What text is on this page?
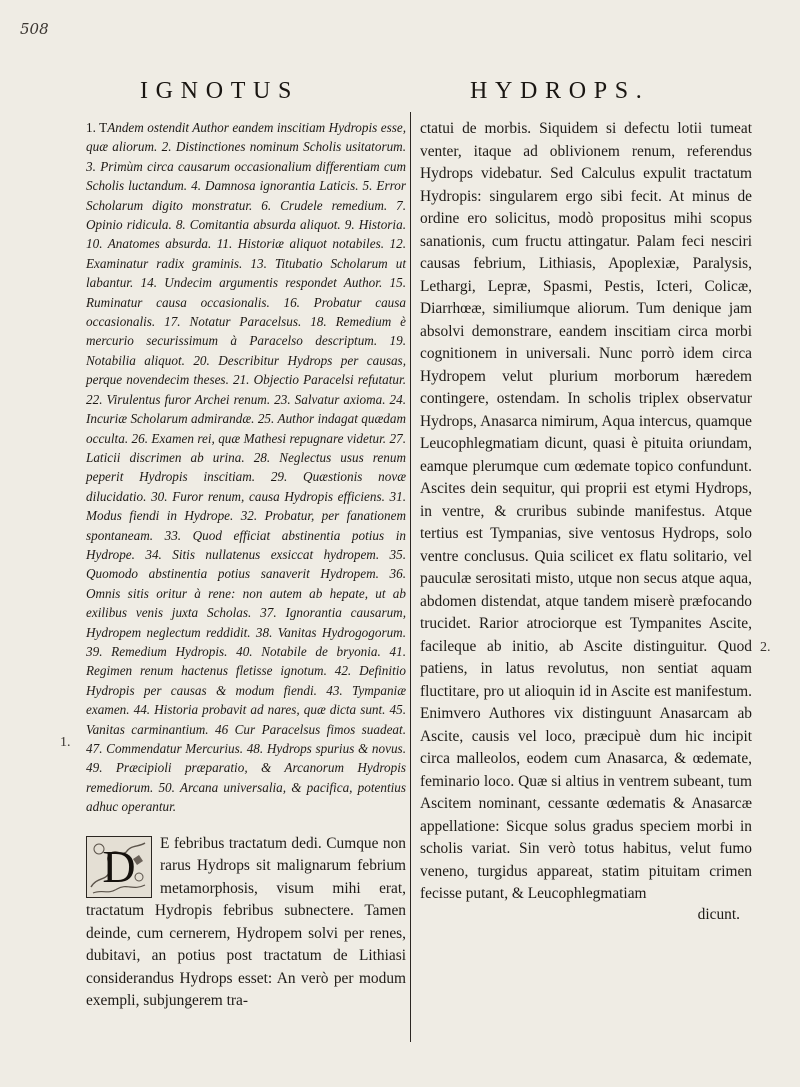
508
IGNOTUS	HYDROPS.
1.
2.

1. TAndem ostendit Author eandem inscitiam Hydropis esse, quæ aliorum. 2. Distinctiones nominum Scholis usitatorum. 3. Primùm circa causarum occasionalium differentiam cum Scholis luctandum. 4. Damnosa ignorantia Laticis. 5. Error Scholarum digito monstratur. 6. Crudele remedium. 7. Opinio ridicula. 8. Comitantia absurda aliquot. 9. Historia. 10. Anatomes absurda. 11. Historiæ aliquot notabiles. 12. Examinatur radix graminis. 13. Titubatio Scholarum ut labantur. 14. Undecim argumentis respondet Author. 15. Ruminatur causa occasionalis. 16. Probatur causa occasionalis. 17. Notatur Paracelsus. 18. Remedium è mercurio securissimum à Paracelso descriptum. 19. Notabilia aliquot. 20. Describitur Hydrops per causas, perque novendecim theses. 21. Objectio Paracelsi refutatur. 22. Virulentus furor Archei renum. 23. Salvatur axioma. 24. Incuriæ Scholarum admirandæ. 25. Author indagat quædam occulta. 26. Examen rei, quæ Mathesi repugnare videtur. 27. Laticii discrimen ab urina. 28. Neglectus usus renum peperit Hydropis inscitiam. 29. Quæstionis novæ dilucidatio. 30. Furor renum, causa Hydropis efficiens. 31. Modus fiendi in Hydrope. 32. Probatur, per fanationem spontaneam. 33. Quod efficiat abstinentia potius in Hydrope. 34. Sitis nullatenus exsiccat hydropem. 35. Quomodo abstinentia potius sanaverit Hydropem. 36. Omnis sitis oritur à rene: non autem ab hepate, ut ab exilibus venis juxta Scholas. 37. Ignorantia causarum, Hydropem neglectum reddidit. 38. Vanitas Hydrogogorum. 39. Remedium Hydropis. 40. Notabile de bryonia. 41. Regimen renum hactenus fletisse ignotum. 42. Definitio Hydropis per causas & modum fiendi. 43. Tympaniæ examen. 44. Historia probavit ad nares, quæ dicta sunt. 45. Vanitas carminantium. 46 Cur Paracelsus fimos suadeat. 47. Commendatur Mercurius. 48. Hydrops spurius & novus. 49. Præcipioli præparatio, & Arcanorum Hydropis remediorum. 50. Arcana universalia, & pacifica, potentius adhuc operantur.

D	E febribus tractatum dedi. Cumque non rarus Hydrops sit malignarum febrium metamorphosis, visum mihi erat, tractatum Hydropis febribus subnectere. Tamen deinde, cum cernerem, Hydropem solvi per renes, dubitavi, an potius post tractatum de Lithiasi considerandus Hydrops esset: An verò per modum exempli, subjungerem tra-

ctatui de morbis. Siquidem si defectu lotii tumeat venter, itaque ad oblivionem renum, referendus Hydrops videbatur. Sed Calculus expulit tractatum Hydropis: singularem ergo sibi fecit. At minus de ordine ero solicitus, modò propositus mihi scopus sanationis, cum fructu attingatur. Palam feci nesciri causas febrium, Lithiasis, Apoplexiæ, Paralysis, Lethargi, Lepræ, Spasmi, Pestis, Icteri, Colicæ, Diarrhœæ, similiumque aliorum. Tum denique jam absolvi demonstrare, eandem inscitiam circa morbi cognitionem in universali. Nunc porrò idem circa Hydropem velut plurium morborum hæredem contingere, ostendam. In scholis triplex observatur Hydrops, Anasarca nimirum, Aqua intercus, quamque Leucophlegmatiam dicunt, quasi è pituita oriundam, eamque plerumque cum œdemate topico confundunt. Ascites dein sequitur, qui proprii est etymi Hydrops, in ventre, & cruribus subinde manifestus. Atque tertius est Tympanias, sive ventosus Hydrops, solo ventre conclusus. Quia scilicet ex flatu solitario, vel pauculæ serositati misto, utque non secus atque aqua, abdomen distendat, atque tandem miserè præfocando trucidet. Rarior atrociorque est Tympanites Ascite, facileque ab initio, ab Ascite distinguitur. Quod patiens, in latus revolutus, non sentiat aquam fluctitare, pro ut alioquin id in Ascite est manifestum. Enimvero Authores vix distinguunt Anasarcam ab Ascite, causis vel loco, præcipuè dum hic incipit circa malleolos, eodem cum Anasarca, & œdemate, feminario loco. Quæ si altius in ventrem subeant, tum Ascitem nominant, cessante œdematis & Anasarcæ appellatione: Sicque solus gradus speciem morbi in scholis variat. Sin verò totus habitus, velut fumo veneno, turgidus appareat, statim pituitam crimen fecisse putant, & Leucophlegmatiam

dicunt.
